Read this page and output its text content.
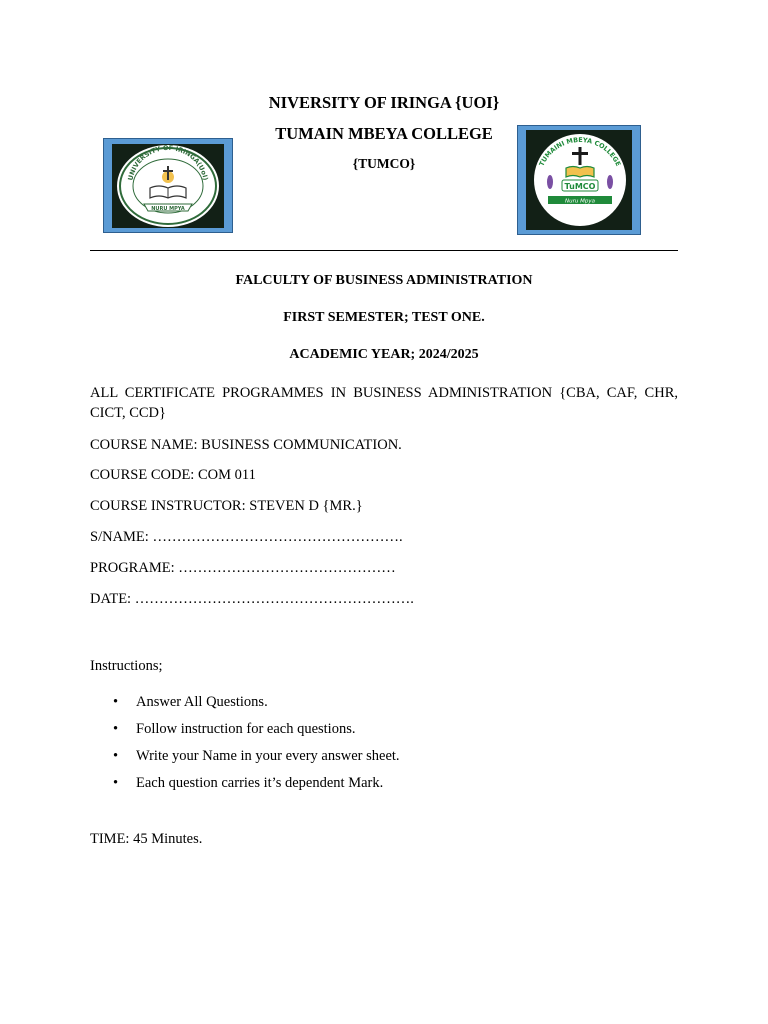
NIVERSITY OF IRINGA {UOI}
TUMAIN MBEYA COLLEGE
{TUMCO}
UNIVERSITY OF IRINGA(UoI)
NURU MPYA
TUMAINI MBEYA COLLEGE
TuMCO
Nuru Mpya
FALCULTY OF BUSINESS ADMINISTRATION
FIRST SEMESTER; TEST ONE.
ACADEMIC YEAR; 2024/2025
ALL CERTIFICATE PROGRAMMES IN BUSINESS ADMINISTRATION {CBA, CAF, CHR, CICT, CCD}
COURSE NAME: BUSINESS COMMUNICATION.
COURSE CODE: COM 011
COURSE INSTRUCTOR: STEVEN D {MR.}
S/NAME: …………………………………………….
PROGRAME: ………………………………………
DATE: ………………………………………………….
Instructions;
• Answer All Questions.
• Follow instruction for each questions.
• Write your Name in your every answer sheet.
• Each question carries it’s dependent Mark.
TIME: 45 Minutes.
